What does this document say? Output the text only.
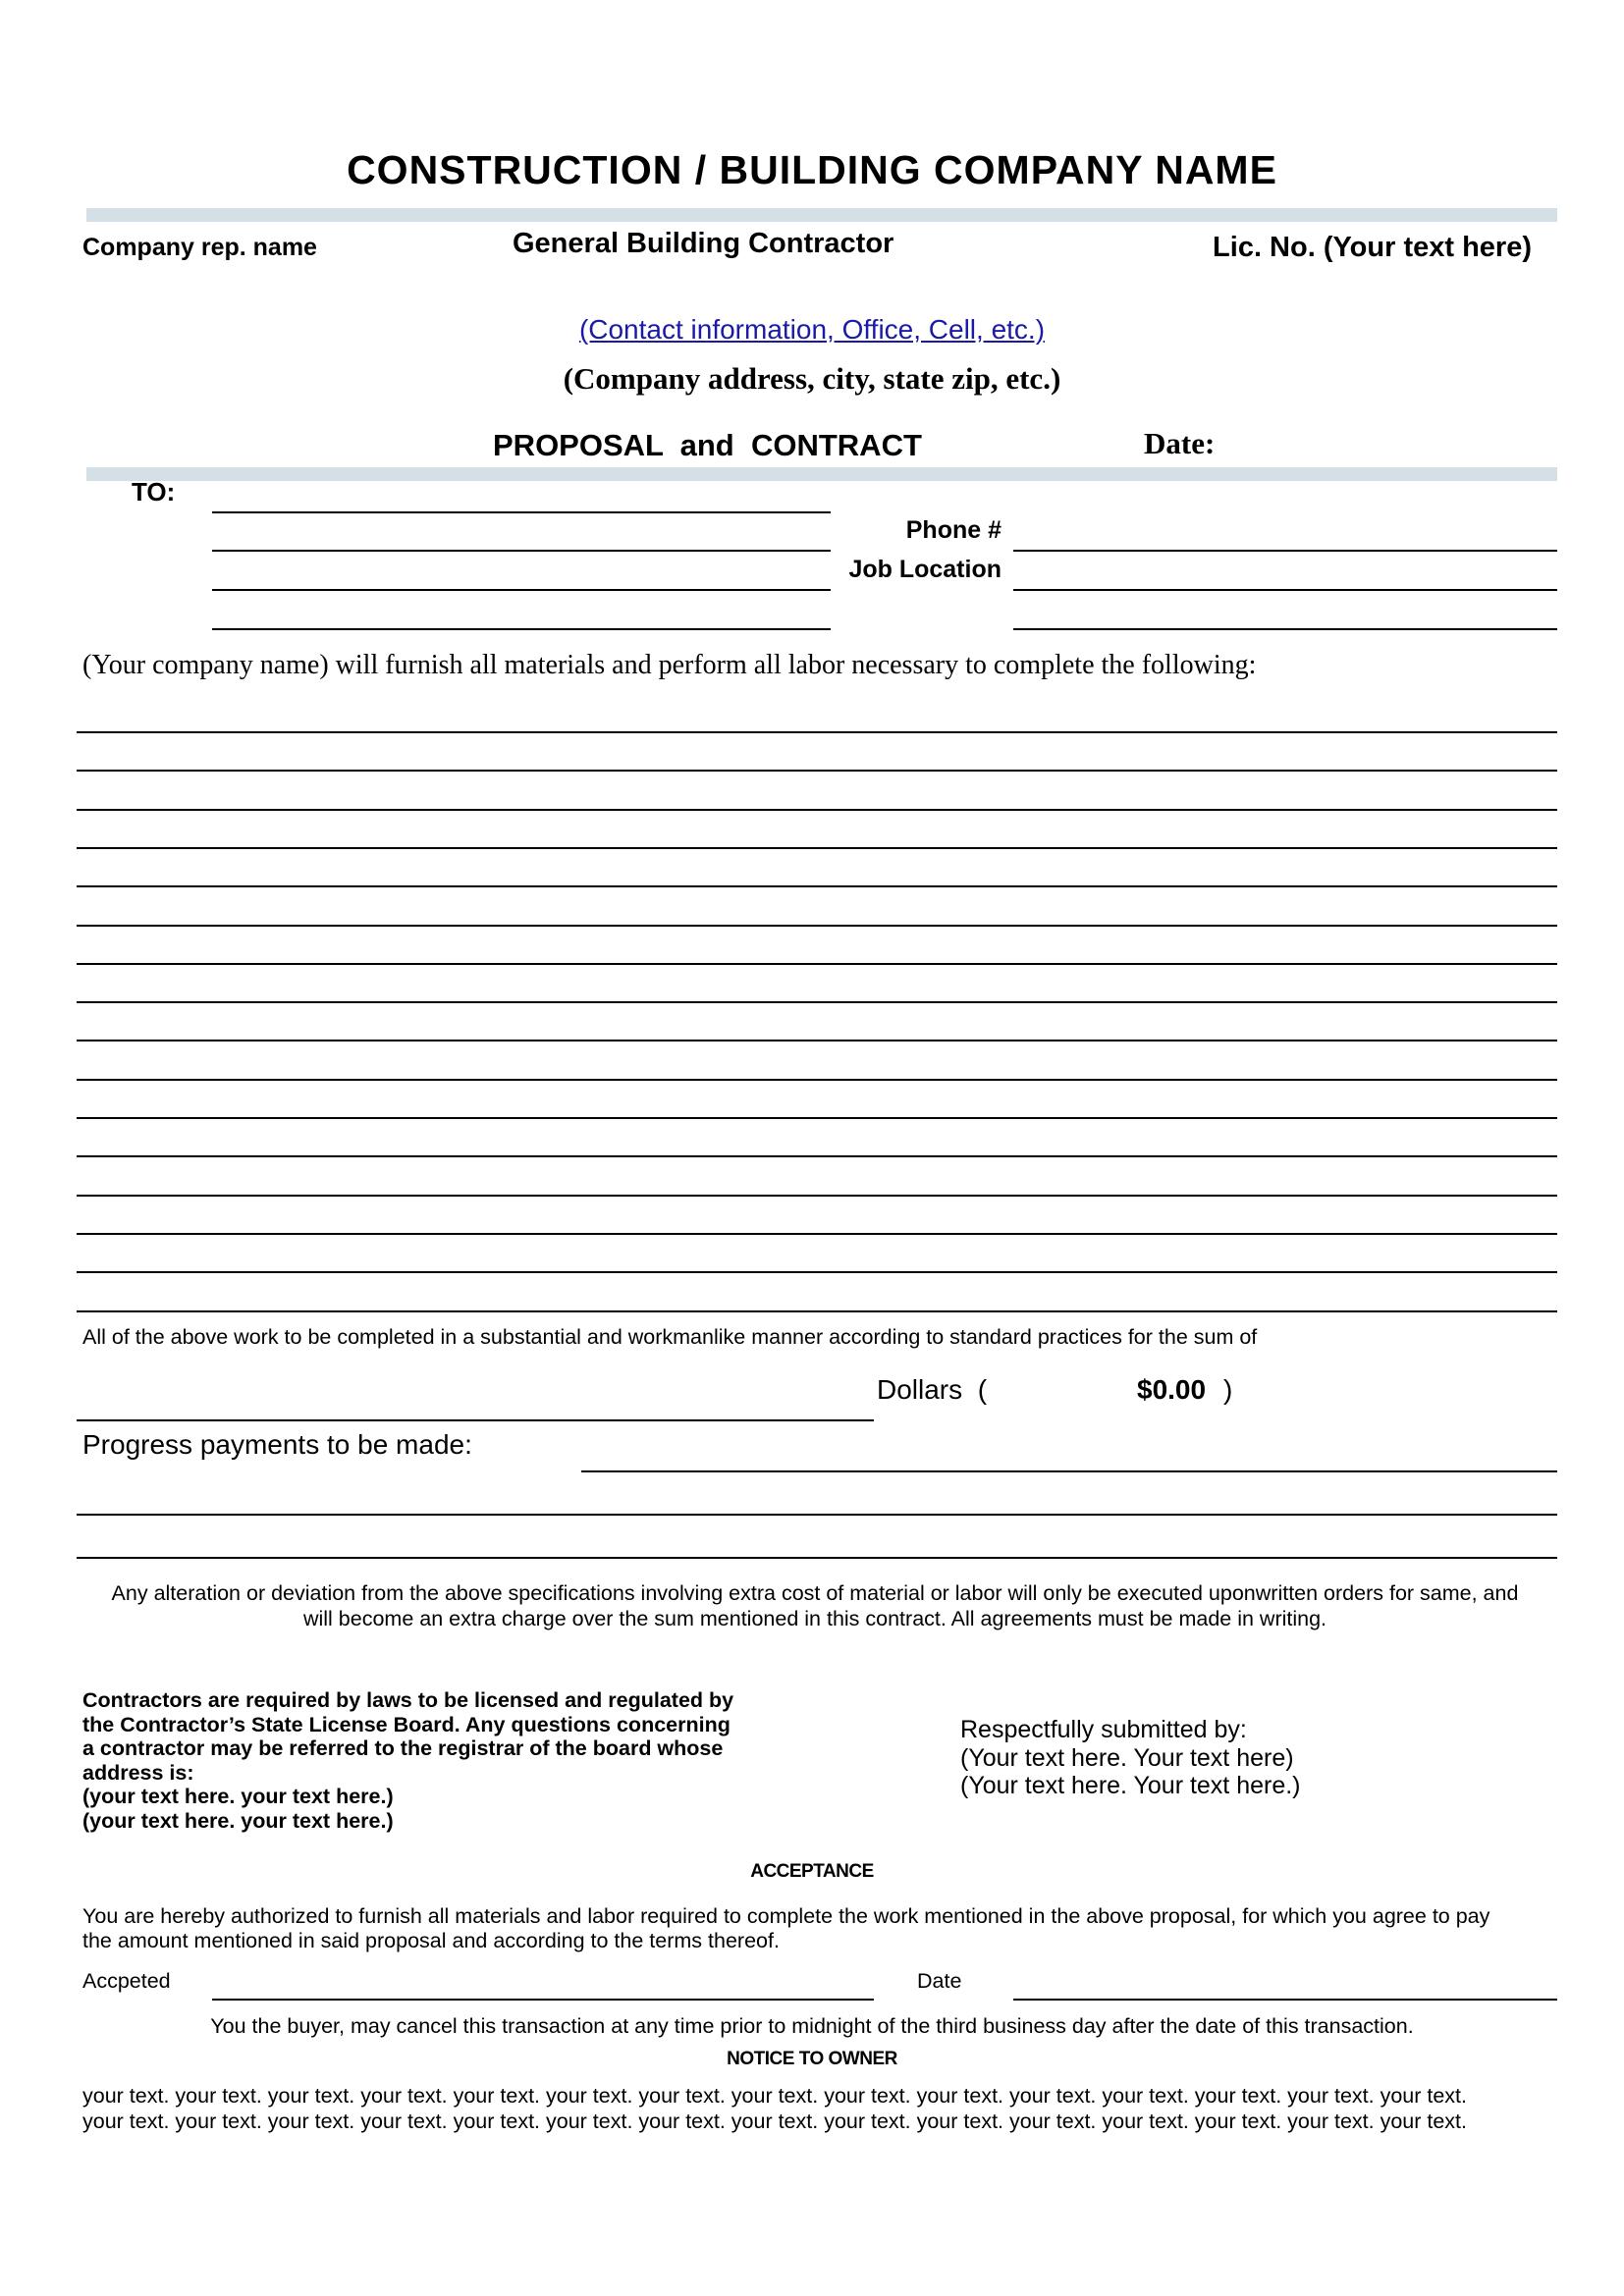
CONSTRUCTION / BUILDING COMPANY NAME
Company rep. name	General Building Contractor	Lic. No. (Your text here)
(Contact information, Office, Cell, etc.)
(Company address, city, state zip, etc.)
PROPOSAL  and  CONTRACT	Date:
TO:
Phone #
Job Location
(Your company name) will furnish all materials and perform all labor necessary to complete the following:
All of the above work to be completed in a substantial and workmanlike manner according to standard practices for the sum of
Dollars  (	$0.00 )
Progress payments to be made:
Any alteration or deviation from the above specifications involving extra cost of material or labor will only be executed uponwritten orders for same, and
will become an extra charge over the sum mentioned in this contract. All agreements must be made in writing.
Contractors are required by laws to be licensed and regulated by
the Contractor’s State License Board. Any questions concerning
a contractor may be referred to the registrar of the board whose
address is:
(your text here. your text here.)
(your text here. your text here.)
Respectfully submitted by:
(Your text here. Your text here)
(Your text here. Your text here.)
ACCEPTANCE
You are hereby authorized to furnish all materials and labor required to complete the work mentioned in the above proposal, for which you agree to pay
the amount mentioned in said proposal and according to the terms thereof.
Accpeted	Date
You the buyer, may cancel this transaction at any time prior to midnight of the third business day after the date of this transaction.
NOTICE TO OWNER
your text. your text. your text. your text. your text. your text. your text. your text. your text. your text. your text. your text. your text. your text. your text.
your text. your text. your text. your text. your text. your text. your text. your text. your text. your text. your text. your text. your text. your text. your text.
